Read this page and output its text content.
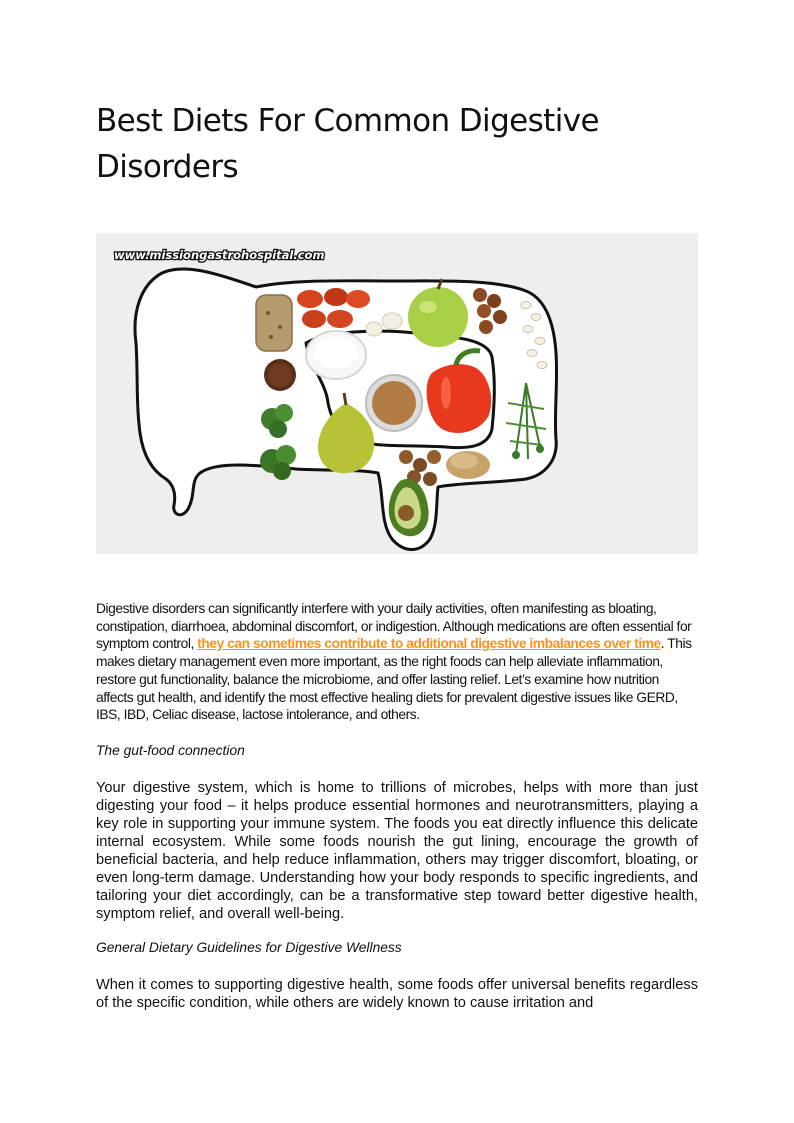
Best Diets For Common Digestive Disorders
www.missiongastrohospital.com

Digestive disorders can significantly interfere with your daily activities, often manifesting as bloating, constipation, diarrhoea, abdominal discomfort, or indigestion. Although medications are often essential for symptom control, they can sometimes contribute to additional digestive imbalances over time. This makes dietary management even more important, as the right foods can help alleviate inflammation, restore gut functionality, balance the microbiome, and offer lasting relief. Let’s examine how nutrition affects gut health, and identify the most effective healing diets for prevalent digestive issues like GERD, IBS, IBD, Celiac disease, lactose intolerance, and others.

The gut-food connection

Your digestive system, which is home to trillions of microbes, helps with more than just digesting your food – it helps produce essential hormones and neurotransmitters, playing a key role in supporting your immune system. The foods you eat directly influence this delicate internal ecosystem. While some foods nourish the gut lining, encourage the growth of beneficial bacteria, and help reduce inflammation, others may trigger discomfort, bloating, or even long-term damage. Understanding how your body responds to specific ingredients, and tailoring your diet accordingly, can be a transformative step toward better digestive health, symptom relief, and overall well-being.

General Dietary Guidelines for Digestive Wellness

When it comes to supporting digestive health, some foods offer universal benefits regardless of the specific condition, while others are widely known to cause irritation and
